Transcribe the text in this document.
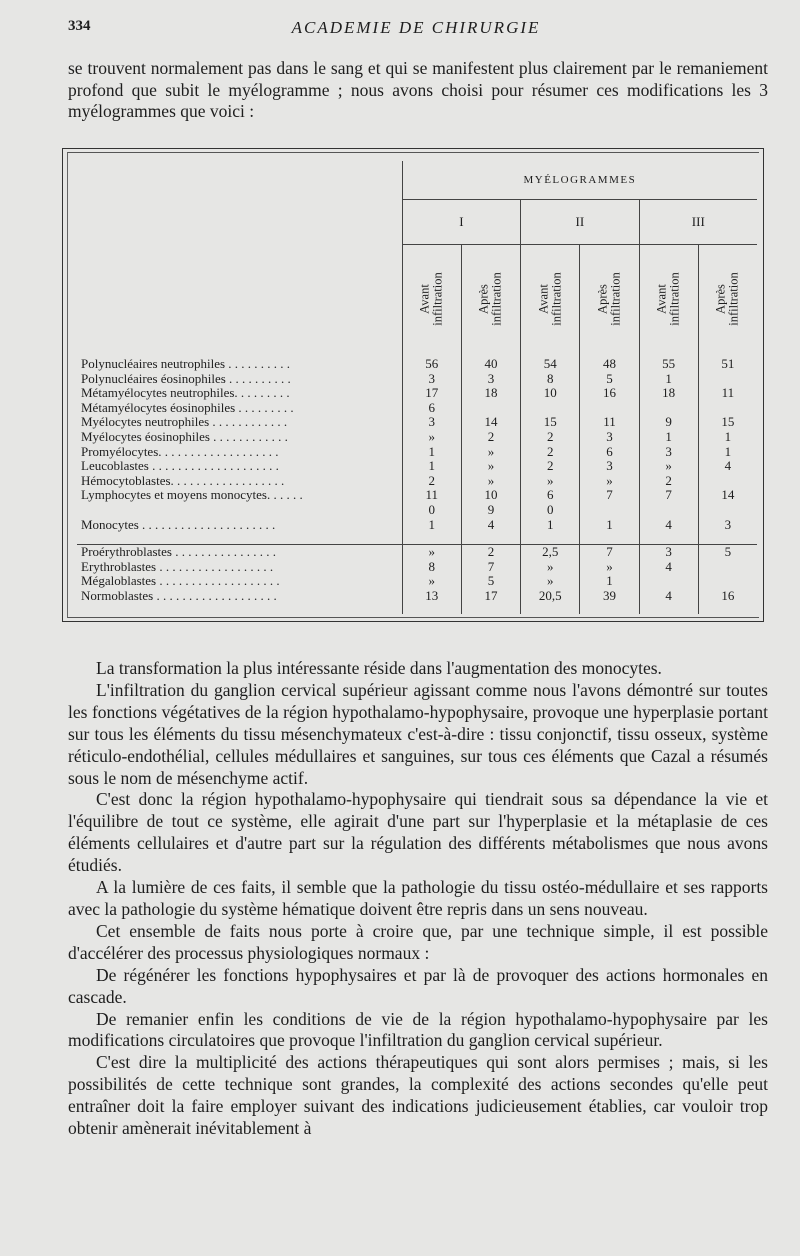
334	ACADEMIE DE CHIRURGIE

se trouvent normalement pas dans le sang et qui se manifestent plus clairement par le remaniement profond que subit le myélogramme ; nous avons choisi pour résumer ces modifications les 3 myélogrammes que voici :

	MYÉLOGRAMMES					
	I		II		III	
	Avant
infiltration	Après
infiltration	Avant
infiltration	Après
infiltration	Avant
infiltration	Après
infiltration
Polynucléaires neutrophiles . . . . . . . . . .	56	40	54	48	55	51
Polynucléaires éosinophiles . . . . . . . . . .	3	3	8	5	1	
Métamyélocytes neutrophiles. . . . . . . . .	17	18	10	16	18	11
Métamyélocytes éosinophiles . . . . . . . . .	6					
Myélocytes neutrophiles . . . . . . . . . . . .	3	14	15	11	9	15
Myélocytes éosinophiles . . . . . . . . . . . .	»	2	2	3	1	1
Promyélocytes. . . . . . . . . . . . . . . . . . .	1	»	2	6	3	1
Leucoblastes . . . . . . . . . . . . . . . . . . . .	1	»	2	3	»	4
Hémocytoblastes. . . . . . . . . . . . . . . . . .	2	»	»	»	2	
Lymphocytes et moyens monocytes. . . . . .	11	10	6	7	7	14
	0	9	0			
Monocytes . . . . . . . . . . . . . . . . . . . . .	1	4	1	1	4	3

Proérythroblastes . . . . . . . . . . . . . . . .	»	2	2,5	7	3	5
Erythroblastes . . . . . . . . . . . . . . . . . .	8	7	»	»	4	
Mégaloblastes . . . . . . . . . . . . . . . . . . .	»	5	»	1		
Normoblastes . . . . . . . . . . . . . . . . . . .	13	17	20,5	39	4	16

La transformation la plus intéressante réside dans l'augmentation des monocytes.

L'infiltration du ganglion cervical supérieur agissant comme nous l'avons démontré sur toutes les fonctions végétatives de la région hypothalamo-hypophysaire, provoque une hyperplasie portant sur tous les éléments du tissu mésenchymateux c'est-à-dire : tissu conjonctif, tissu osseux, système réticulo-endothélial, cellules médullaires et sanguines, sur tous ces éléments que Cazal a résumés sous le nom de mésenchyme actif.

C'est donc la région hypothalamo-hypophysaire qui tiendrait sous sa dépendance la vie et l'équilibre de tout ce système, elle agirait d'une part sur l'hyperplasie et la métaplasie de ces éléments cellulaires et d'autre part sur la régulation des différents métabolismes que nous avons étudiés.

A la lumière de ces faits, il semble que la pathologie du tissu ostéo-médullaire et ses rapports avec la pathologie du système hématique doivent être repris dans un sens nouveau.

Cet ensemble de faits nous porte à croire que, par une technique simple, il est possible d'accélérer des processus physiologiques normaux :

De régénérer les fonctions hypophysaires et par là de provoquer des actions hormonales en cascade.

De remanier enfin les conditions de vie de la région hypothalamo-hypophysaire par les modifications circulatoires que provoque l'infiltration du ganglion cervical supérieur.

C'est dire la multiplicité des actions thérapeutiques qui sont alors permises ; mais, si les possibilités de cette technique sont grandes, la complexité des actions secondes qu'elle peut entraîner doit la faire employer suivant des indications judicieusement établies, car vouloir trop obtenir amènerait inévitablement à
